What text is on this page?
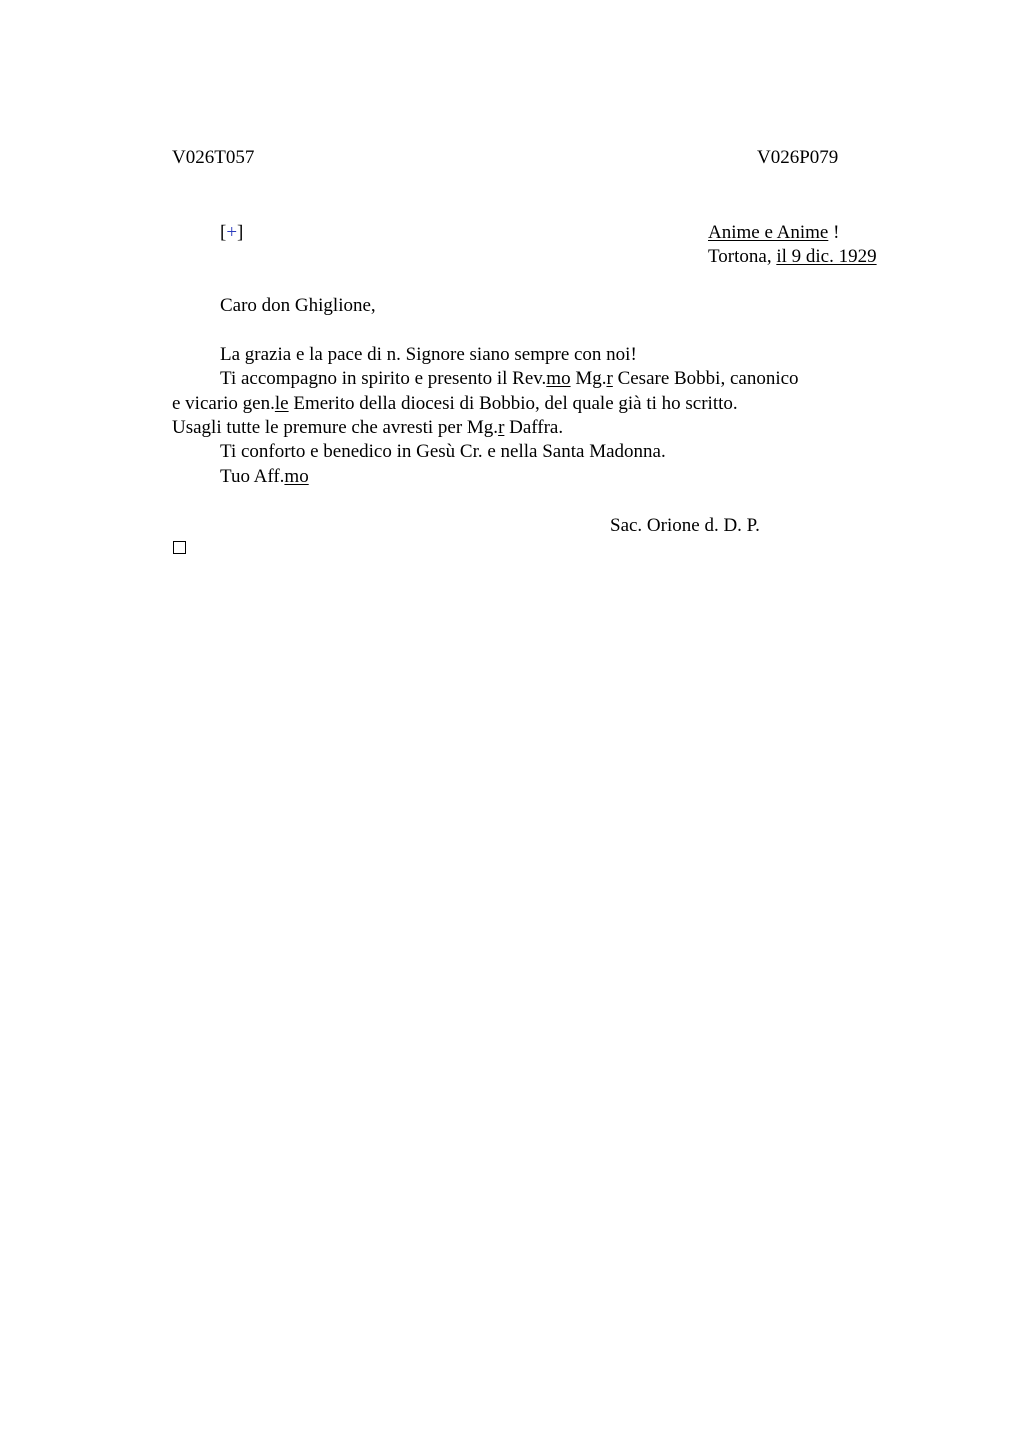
V026T057	V026P079
[+]	Anime e Anime !
Tortona, il 9 dic. 1929
Caro don Ghiglione,
La grazia e la pace di n. Signore siano sempre con noi!
Ti accompagno in spirito e presento il Rev.mo Mg.r Cesare Bobbi, canonico
e vicario gen.le Emerito della diocesi di Bobbio, del quale già ti ho scritto.
Usagli tutte le premure che avresti per Mg.r Daffra.
Ti conforto e benedico in Gesù Cr. e nella Santa Madonna.
Tuo Aff.mo
Sac. Orione d. D. P.
